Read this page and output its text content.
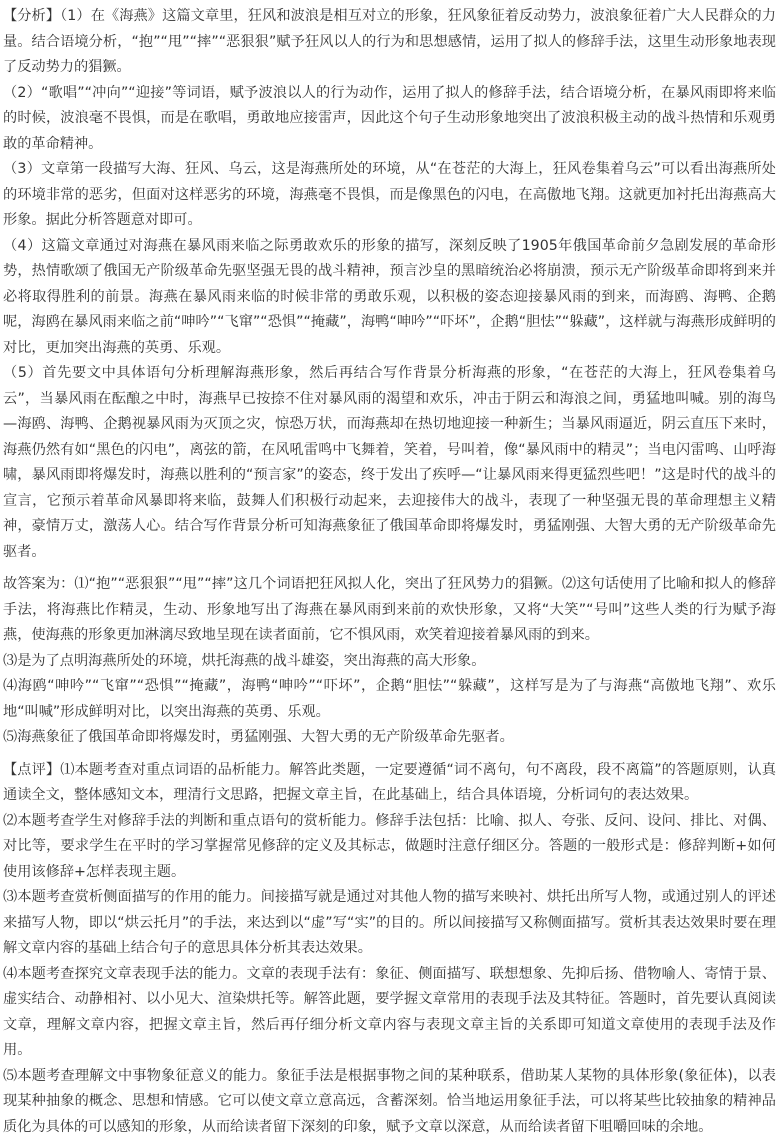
【分析】（1）在《海燕》这篇文章里，狂风和波浪是相互对立的形象，狂风象征着反动势力，波浪象征着广大人民群众的力量。结合语境分析，“抱”“甩”“摔”“恶狠狠”赋予狂风以人的行为和思想感情，运用了拟人的修辞手法，这里生动形象地表现了反动势力的猖獗。

（2）“歌唱”“冲向”“迎接”等词语，赋予波浪以人的行为动作，运用了拟人的修辞手法，结合语境分析，在暴风雨即将来临的时候，波浪毫不畏惧，而是在歌唱，勇敢地应接雷声，因此这个句子生动形象地突出了波浪积极主动的战斗热情和乐观勇敢的革命精神。

（3）文章第一段描写大海、狂风、乌云，这是海燕所处的环境，从“在苍茫的大海上，狂风卷集着乌云”可以看出海燕所处的环境非常的恶劣，但面对这样恶劣的环境，海燕毫不畏惧，而是像黑色的闪电，在高傲地飞翔。这就更加衬托出海燕高大形象。据此分析答题意对即可。

（4）这篇文章通过对海燕在暴风雨来临之际勇敢欢乐的形象的描写，深刻反映了1905年俄国革命前夕急剧发展的革命形势，热情歌颂了俄国无产阶级革命先驱坚强无畏的战斗精神，预言沙皇的黑暗统治必将崩溃，预示无产阶级革命即将到来并必将取得胜利的前景。海燕在暴风雨来临的时候非常的勇敢乐观，以积极的姿态迎接暴风雨的到来，而海鸥、海鸭、企鹅呢，海鸥在暴风雨来临之前“呻吟”“飞窜”“恐惧”“掩藏”，海鸭“呻吟”“吓坏”，企鹅“胆怯”“躲藏”，这样就与海燕形成鲜明的对比，更加突出海燕的英勇、乐观。

（5）首先要文中具体语句分析理解海燕形象，然后再结合写作背景分析海燕的形象，“在苍茫的大海上，狂风卷集着乌云”，当暴风雨在酝酿之中时，海燕早已按捺不住对暴风雨的渴望和欢乐，冲击于阴云和海浪之间，勇猛地叫喊。别的海鸟—海鸥、海鸭、企鹅视暴风雨为灭顶之灾，惊恐万状，而海燕却在热切地迎接一种新生；当暴风雨逼近，阴云直压下来时，海燕仍然有如“黑色的闪电”，离弦的箭，在风吼雷鸣中飞舞着，笑着，号叫着，像“暴风雨中的精灵”；当电闪雷鸣、山呼海啸，暴风雨即将爆发时，海燕以胜利的“预言家”的姿态，终于发出了疾呼—“让暴风雨来得更猛烈些吧！”这是时代的战斗的宣言，它预示着革命风暴即将来临，鼓舞人们积极行动起来，去迎接伟大的战斗，表现了一种坚强无畏的革命理想主义精神，豪情万丈，激荡人心。结合写作背景分析可知海燕象征了俄国革命即将爆发时，勇猛刚强、大智大勇的无产阶级革命先驱者。

故答案为：⑴“抱”“恶狠狠”“甩”“摔”这几个词语把狂风拟人化，突出了狂风势力的猖獗。⑵这句话使用了比喻和拟人的修辞手法，将海燕比作精灵，生动、形象地写出了海燕在暴风雨到来前的欢快形象，又将“大笑”“号叫”这些人类的行为赋予海燕，使海燕的形象更加淋漓尽致地呈现在读者面前，它不惧风雨，欢笑着迎接着暴风雨的到来。

⑶是为了点明海燕所处的环境，烘托海燕的战斗雄姿，突出海燕的高大形象。

⑷海鸥“呻吟”“飞窜”“恐惧”“掩藏”，海鸭“呻吟”“吓坏”，企鹅“胆怯”“躲藏”，这样写是为了与海燕“高傲地飞翔”、欢乐地“叫喊”形成鲜明对比，以突出海燕的英勇、乐观。

⑸海燕象征了俄国革命即将爆发时，勇猛刚强、大智大勇的无产阶级革命先驱者。

【点评】⑴本题考查对重点词语的品析能力。解答此类题，一定要遵循“词不离句，句不离段，段不离篇”的答题原则，认真通读全文，整体感知文本，理清行文思路，把握文章主旨，在此基础上，结合具体语境，分析词句的表达效果。

⑵本题考查学生对修辞手法的判断和重点语句的赏析能力。修辞手法包括：比喻、拟人、夸张、反问、设问、排比、对偶、对比等，要求学生在平时的学习掌握常见修辞的定义及其标志，做题时注意仔细区分。答题的一般形式是：修辞判断+如何使用该修辞+怎样表现主题。

⑶本题考查赏析侧面描写的作用的能力。间接描写就是通过对其他人物的描写来映衬、烘托出所写人物，或通过别人的评述来描写人物，即以“烘云托月”的手法，来达到以“虚”写“实”的目的。所以间接描写又称侧面描写。赏析其表达效果时要在理解文章内容的基础上结合句子的意思具体分析其表达效果。

⑷本题考查探究文章表现手法的能力。文章的表现手法有：象征、侧面描写、联想想象、先抑后扬、借物喻人、寄情于景、虚实结合、动静相衬、以小见大、渲染烘托等。解答此题，要学握文章常用的表现手法及其特征。答题时，首先要认真阅读文章，理解文章内容，把握文章主旨，然后再仔细分析文章内容与表现文章主旨的关系即可知道文章使用的表现手法及作用。

⑸本题考查理解文中事物象征意义的能力。象征手法是根据事物之间的某种联系，借助某人某物的具体形象(象征体)，以表现某种抽象的概念、思想和情感。它可以使文章立意高远，含蓄深刻。恰当地运用象征手法，可以将某些比较抽象的精神品质化为具体的可以感知的形象，从而给读者留下深刻的印象，赋予文章以深意，从而给读者留下咀嚼回味的余地。
